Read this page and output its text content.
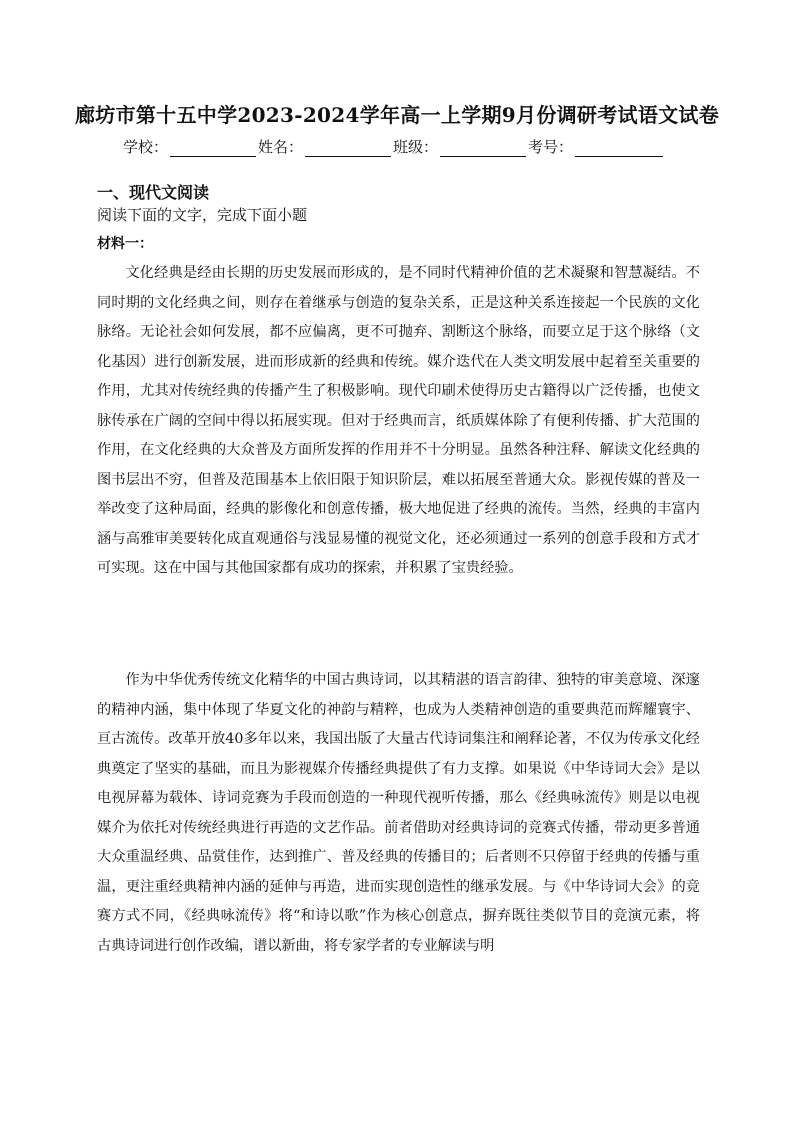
廊坊市第十五中学2023-2024学年高一上学期9月份调研考试语文试卷
学校：	姓名：	班级：	考号：
一、现代文阅读
阅读下面的文字，完成下面小题
材料一：

文化经典是经由长期的历史发展而形成的，是不同时代精神价值的艺术凝聚和智慧凝结。不同时期的文化经典之间，则存在着继承与创造的复杂关系，正是这种关系连接起一个民族的文化脉络。无论社会如何发展，都不应偏离，更不可抛弃、割断这个脉络，而要立足于这个脉络（文化基因）进行创新发展，进而形成新的经典和传统。媒介迭代在人类文明发展中起着至关重要的作用，尤其对传统经典的传播产生了积极影响。现代印刷术使得历史古籍得以广泛传播，也使文脉传承在广阔的空间中得以拓展实现。但对于经典而言，纸质媒体除了有便利传播、扩大范围的作用，在文化经典的大众普及方面所发挥的作用并不十分明显。虽然各种注释、解读文化经典的图书层出不穷，但普及范围基本上依旧限于知识阶层，难以拓展至普通大众。影视传媒的普及一举改变了这种局面，经典的影像化和创意传播，极大地促进了经典的流传。当然，经典的丰富内涵与高雅审美要转化成直观通俗与浅显易懂的视觉文化，还必须通过一系列的创意手段和方式才可实现。这在中国与其他国家都有成功的探索，并积累了宝贵经验。

作为中华优秀传统文化精华的中国古典诗词，以其精湛的语言韵律、独特的审美意境、深邃的精神内涵，集中体现了华夏文化的神韵与精粹，也成为人类精神创造的重要典范而辉耀寰宇、亘古流传。改革开放40多年以来，我国出版了大量古代诗词集注和阐释论著，不仅为传承文化经典奠定了坚实的基础，而且为影视媒介传播经典提供了有力支撑。如果说《中华诗词大会》是以电视屏幕为载体、诗词竞赛为手段而创造的一种现代视听传播，那么《经典咏流传》则是以电视媒介为依托对传统经典进行再造的文艺作品。前者借助对经典诗词的竞赛式传播，带动更多普通大众重温经典、品赏佳作，达到推广、普及经典的传播目的；后者则不只停留于经典的传播与重温，更注重经典精神内涵的延伸与再造，进而实现创造性的继承发展。与《中华诗词大会》的竞赛方式不同，《经典咏流传》将“和诗以歌”作为核心创意点，摒弃既往类似节目的竞演元素，将古典诗词进行创作改编，谱以新曲，将专家学者的专业解读与明
